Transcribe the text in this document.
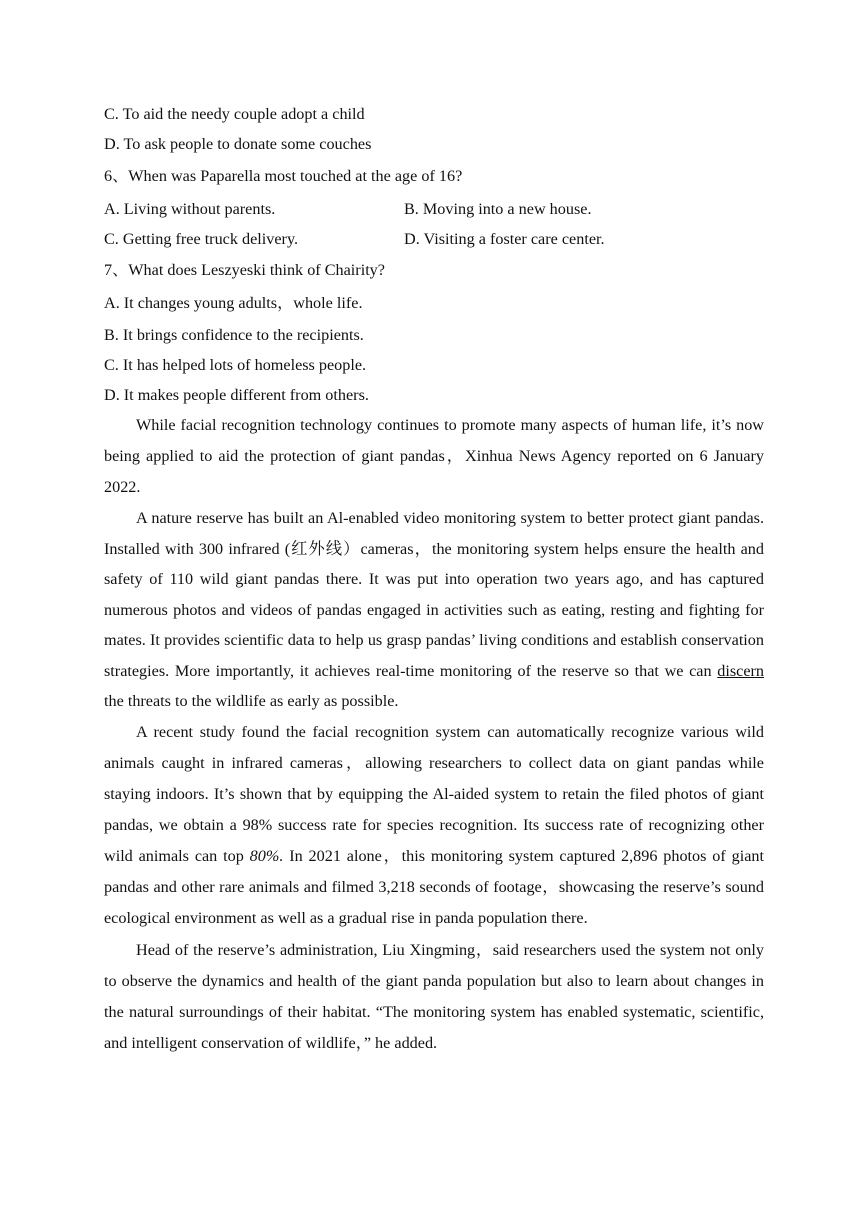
C. To aid the needy couple adopt a child

D. To ask people to donate some couches

6、When was Paparella most touched at the age of 16?

A. Living without parents.	B. Moving into a new house.
C. Getting free truck delivery.	D. Visiting a foster care center.

7、What does Leszyeski think of Chairity?

A. It changes young adults，whole life.

B. It brings confidence to the recipients.

C. It has helped lots of homeless people.

D. It makes people different from others.

While facial recognition technology continues to promote many aspects of human life, it’s now being applied to aid the protection of giant pandas，Xinhua News Agency reported on 6 January 2022.

A nature reserve has built an Al-enabled video monitoring system to better protect giant pandas. Installed with 300 infrared (红外线）cameras，the monitoring system helps ensure the health and safety of 110 wild giant pandas there. It was put into operation two years ago, and has captured numerous photos and videos of pandas engaged in activities such as eating, resting and fighting for mates. It provides scientific data to help us grasp pandas’ living conditions and establish conservation strategies. More importantly, it achieves real-time monitoring of the reserve so that we can discern the threats to the wildlife as early as possible.

A recent study found the facial recognition system can automatically recognize various wild animals caught in infrared cameras，allowing researchers to collect data on giant pandas while staying indoors. It’s shown that by equipping the Al-aided system to retain the filed photos of giant pandas, we obtain a 98% success rate for species recognition. Its success rate of recognizing other wild animals can top 80%. In 2021 alone，this monitoring system captured 2,896 photos of giant pandas and other rare animals and filmed 3,218 seconds of footage，showcasing the reserve’s sound ecological environment as well as a gradual rise in panda population there.

Head of the reserve’s administration, Liu Xingming，said researchers used the system not only to observe the dynamics and health of the giant panda population but also to learn about changes in the natural surroundings of their habitat. “The monitoring system has enabled systematic, scientific, and intelligent conservation of wildlife，” he added.
